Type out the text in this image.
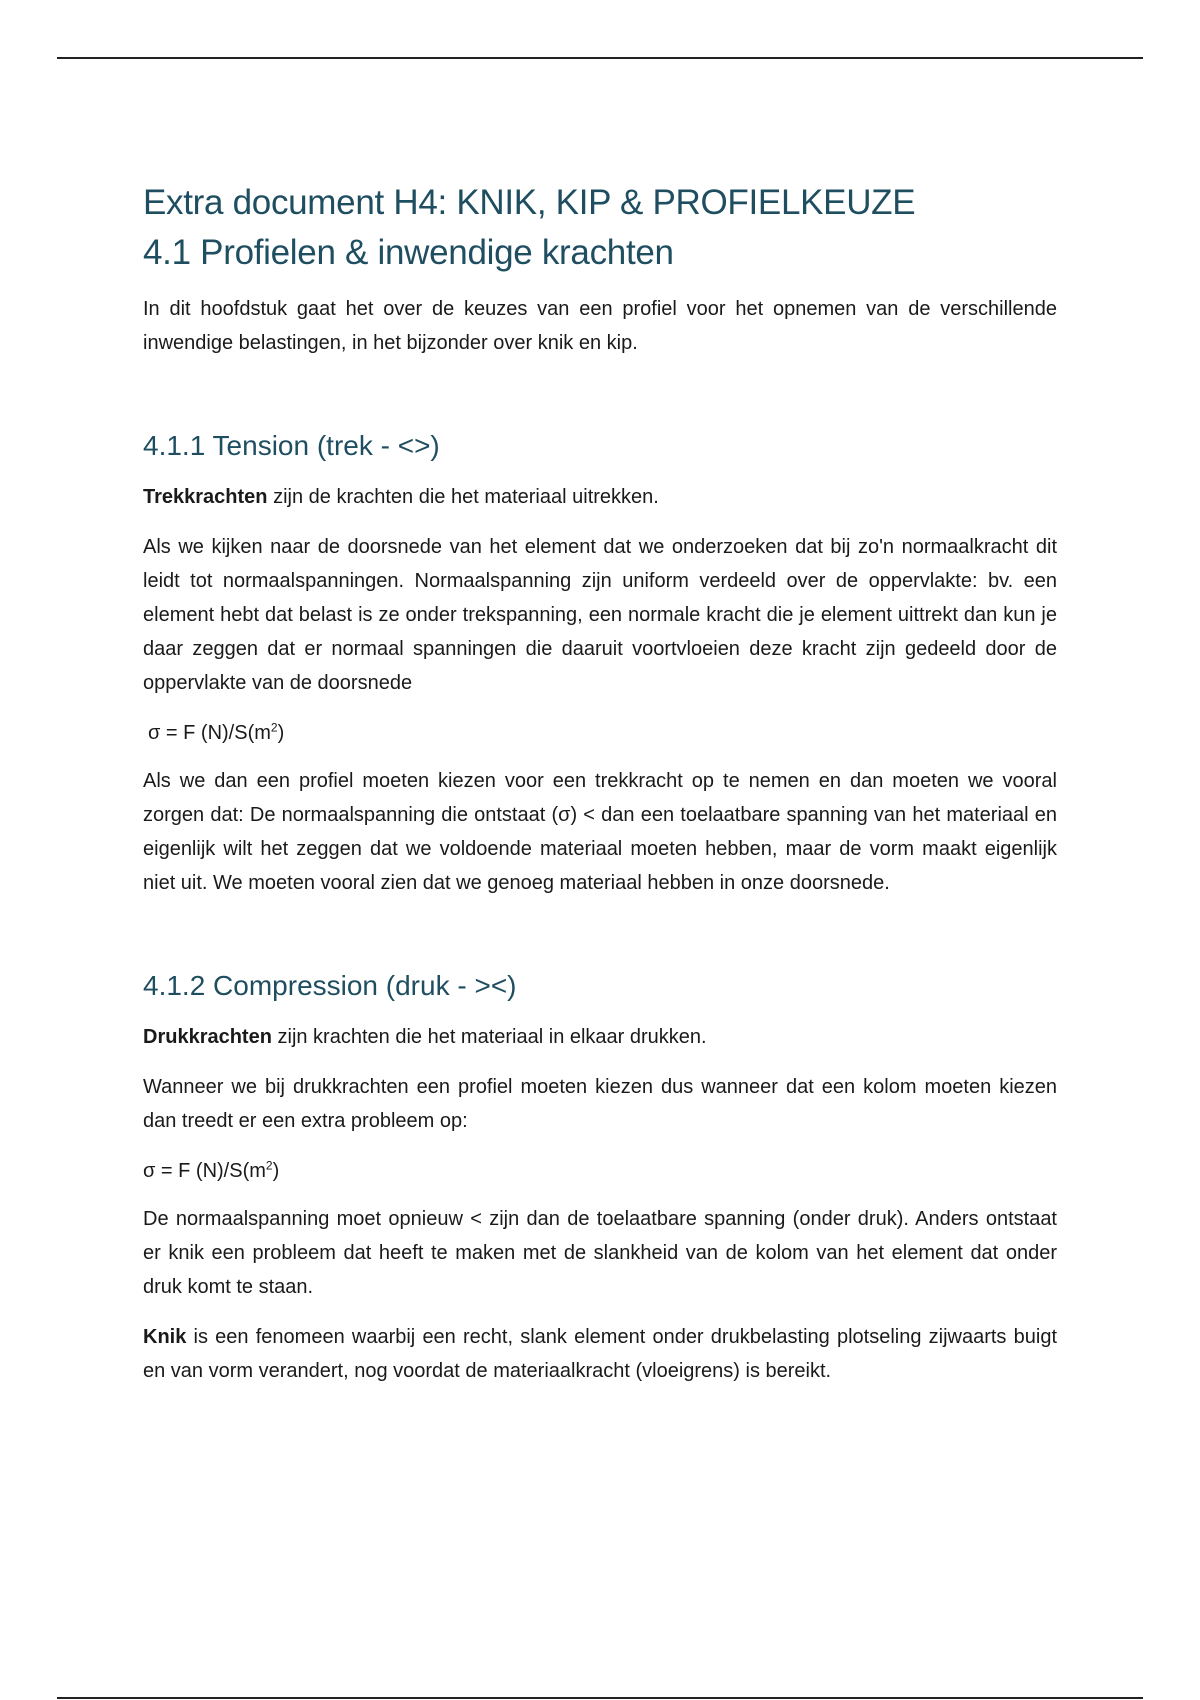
Extra document H4: KNIK, KIP & PROFIELKEUZE
4.1 Profielen & inwendige krachten

In dit hoofdstuk gaat het over de keuzes van een profiel voor het opnemen van de verschillende inwendige belastingen, in het bijzonder over knik en kip.

4.1.1 Tension (trek - <>)

Trekkrachten zijn de krachten die het materiaal uitrekken.

Als we kijken naar de doorsnede van het element dat we onderzoeken dat bij zo'n normaalkracht dit leidt tot normaalspanningen. Normaalspanning zijn uniform verdeeld over de oppervlakte: bv. een element hebt dat belast is ze onder trekspanning, een normale kracht die je element uittrekt dan kun je daar zeggen dat er normaal spanningen die daaruit voortvloeien deze kracht zijn gedeeld door de oppervlakte van de doorsnede

σ = F $(N)/S(m^2)$

Als we dan een profiel moeten kiezen voor een trekkracht op te nemen en dan moeten we vooral zorgen dat: De normaalspanning die ontstaat (σ) < dan een toelaatbare spanning van het materiaal en eigenlijk wilt het zeggen dat we voldoende materiaal moeten hebben, maar de vorm maakt eigenlijk niet uit. We moeten vooral zien dat we genoeg materiaal hebben in onze doorsnede.

4.1.2 Compression (druk - ><)

Drukkrachten zijn krachten die het materiaal in elkaar drukken.

Wanneer we bij drukkrachten een profiel moeten kiezen dus wanneer dat een kolom moeten kiezen dan treedt er een extra probleem op:

σ = F $(N)/S(m^2)$

De normaalspanning moet opnieuw < zijn dan de toelaatbare spanning (onder druk). Anders ontstaat er knik een probleem dat heeft te maken met de slankheid van de kolom van het element dat onder druk komt te staan.

Knik is een fenomeen waarbij een recht, slank element onder drukbelasting plotseling zijwaarts buigt en van vorm verandert, nog voordat de materiaalkracht (vloeigrens) is bereikt.
